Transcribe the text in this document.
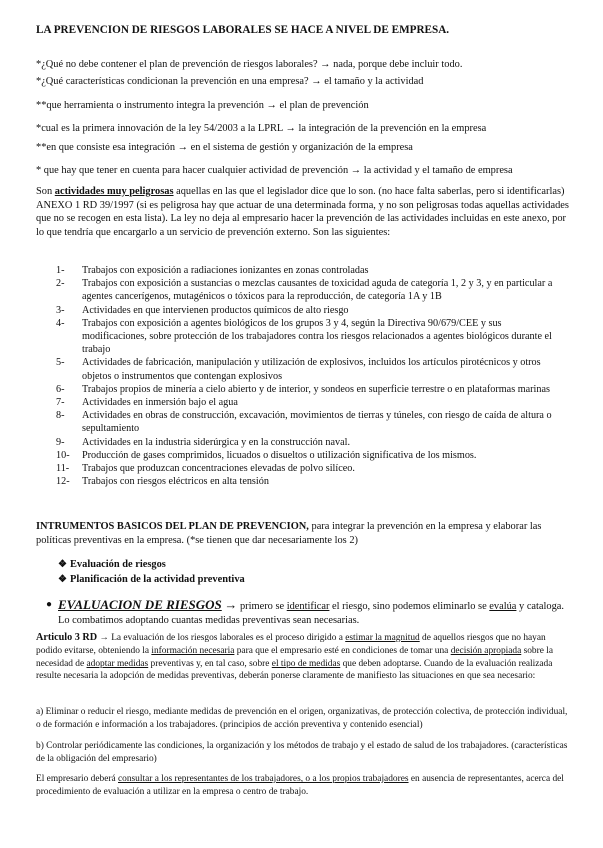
LA PREVENCION DE RIESGOS LABORALES SE HACE A NIVEL DE EMPRESA.
*¿Qué no debe contener el plan de prevención de riesgos laborales? → nada, porque debe incluir todo.
*¿Qué características condicionan la prevención en una empresa? → el tamaño y la actividad
**que herramienta o instrumento integra la prevención → el plan de prevención
*cual es la primera innovación de la ley 54/2003 a la LPRL → la integración de la prevención en la empresa
**en que consiste esa integración → en el sistema de gestión y organización de la empresa
* que hay que tener en cuenta para hacer cualquier actividad de prevención → la actividad y el tamaño de empresa
Son actividades muy peligrosas aquellas en las que el legislador dice que lo son. (no hace falta saberlas, pero si identificarlas) ANEXO 1 RD 39/1997 (si es peligrosa hay que actuar de una determinada forma, y no son peligrosas todas aquellas actividades que no se recogen en esta lista). La ley no deja al empresario hacer la prevención de las actividades incluidas en este anexo, por lo que tendría que encargarlo a un servicio de prevención externo. Son las siguientes:
1- Trabajos con exposición a radiaciones ionizantes en zonas controladas
2- Trabajos con exposición a sustancias o mezclas causantes de toxicidad aguda de categoría 1, 2 y 3, y en particular a agentes cancerígenos, mutagénicos o tóxicos para la reproducción, de categoría 1A y 1B
3- Actividades en que intervienen productos químicos de alto riesgo
4- Trabajos con exposición a agentes biológicos de los grupos 3 y 4, según la Directiva 90/679/CEE y sus modificaciones, sobre protección de los trabajadores contra los riesgos relacionados a agentes biológicos durante el trabajo
5- Actividades de fabricación, manipulación y utilización de explosivos, incluidos los artículos pirotécnicos y otros objetos o instrumentos que contengan explosivos
6- Trabajos propios de minería a cielo abierto y de interior, y sondeos en superficie terrestre o en plataformas marinas
7- Actividades en inmersión bajo el agua
8- Actividades en obras de construcción, excavación, movimientos de tierras y túneles, con riesgo de caída de altura o sepultamiento
9- Actividades en la industria siderúrgica y en la construcción naval.
10- Producción de gases comprimidos, licuados o disueltos o utilización significativa de los mismos.
11- Trabajos que produzcan concentraciones elevadas de polvo silíceo.
12- Trabajos con riesgos eléctricos en alta tensión
INTRUMENTOS BASICOS DEL PLAN DE PREVENCION, para integrar la prevención en la empresa y elaborar las políticas preventivas en la empresa. (*se tienen que dar necesariamente los 2)
❖ Evaluación de riesgos
❖ Planificación de la actividad preventiva
● EVALUACION DE RIESGOS → primero se identificar el riesgo, sino podemos eliminarlo se evalúa y cataloga. Lo combatimos adoptando cuantas medidas preventivas sean necesarias.
Articulo 3 RD → La evaluación de los riesgos laborales es el proceso dirigido a estimar la magnitud de aquellos riesgos que no hayan podido evitarse, obteniendo la información necesaria para que el empresario esté en condiciones de tomar una decisión apropiada sobre la necesidad de adoptar medidas preventivas y, en tal caso, sobre el tipo de medidas que deben adoptarse. Cuando de la evaluación realizada resulte necesaria la adopción de medidas preventivas, deberán ponerse claramente de manifiesto las situaciones en que sea necesario:
a) Eliminar o reducir el riesgo, mediante medidas de prevención en el origen, organizativas, de protección colectiva, de protección individual, o de formación e información a los trabajadores. (principios de acción preventiva y contenido esencial)
b) Controlar periódicamente las condiciones, la organización y los métodos de trabajo y el estado de salud de los trabajadores. (características de la obligación del empresario)
El empresario deberá consultar a los representantes de los trabajadores, o a los propios trabajadores en ausencia de representantes, acerca del procedimiento de evaluación a utilizar en la empresa o centro de trabajo.
